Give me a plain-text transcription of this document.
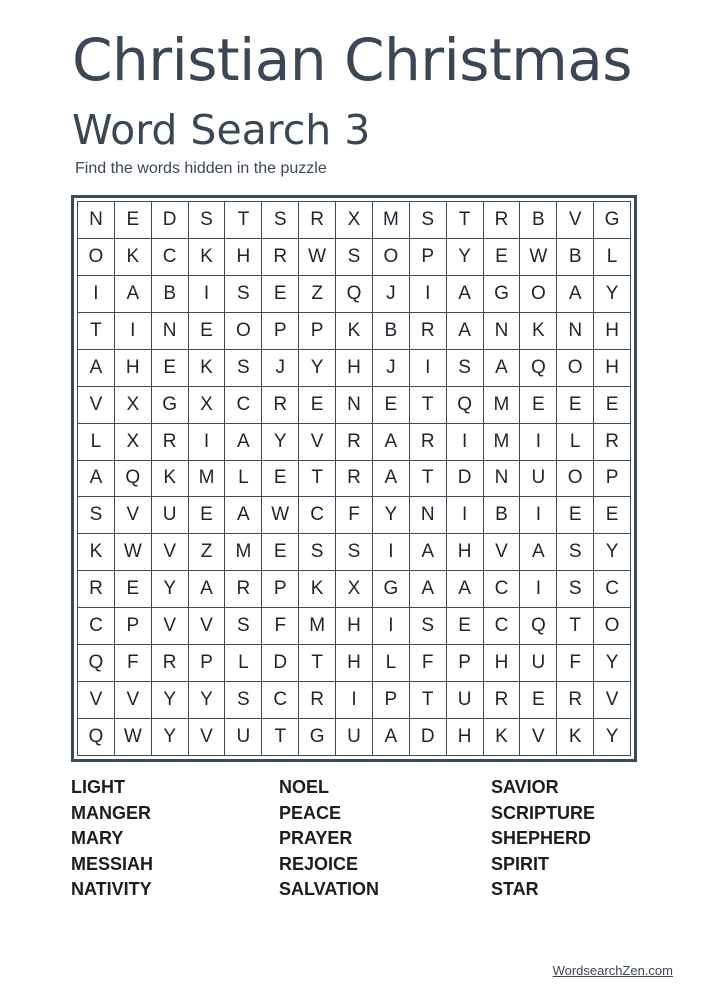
Christian Christmas
Word Search 3
Find the words hidden in the puzzle
N	E	D	S	T	S	R	X	M	S	T	R	B	V	G
O	K	C	K	H	R	W	S	O	P	Y	E	W	B	L
I	A	B	I	S	E	Z	Q	J	I	A	G	O	A	Y
T	I	N	E	O	P	P	K	B	R	A	N	K	N	H
A	H	E	K	S	J	Y	H	J	I	S	A	Q	O	H
V	X	G	X	C	R	E	N	E	T	Q	M	E	E	E
L	X	R	I	A	Y	V	R	A	R	I	M	I	L	R
A	Q	K	M	L	E	T	R	A	T	D	N	U	O	P
S	V	U	E	A	W	C	F	Y	N	I	B	I	E	E
K	W	V	Z	M	E	S	S	I	A	H	V	A	S	Y
R	E	Y	A	R	P	K	X	G	A	A	C	I	S	C
C	P	V	V	S	F	M	H	I	S	E	C	Q	T	O
Q	F	R	P	L	D	T	H	L	F	P	H	U	F	Y
V	V	Y	Y	S	C	R	I	P	T	U	R	E	R	V
Q	W	Y	V	U	T	G	U	A	D	H	K	V	K	Y
LIGHT
MANGER
MARY
MESSIAH
NATIVITY
NOEL
PEACE
PRAYER
REJOICE
SALVATION
SAVIOR
SCRIPTURE
SHEPHERD
SPIRIT
STAR
WordsearchZen.com
